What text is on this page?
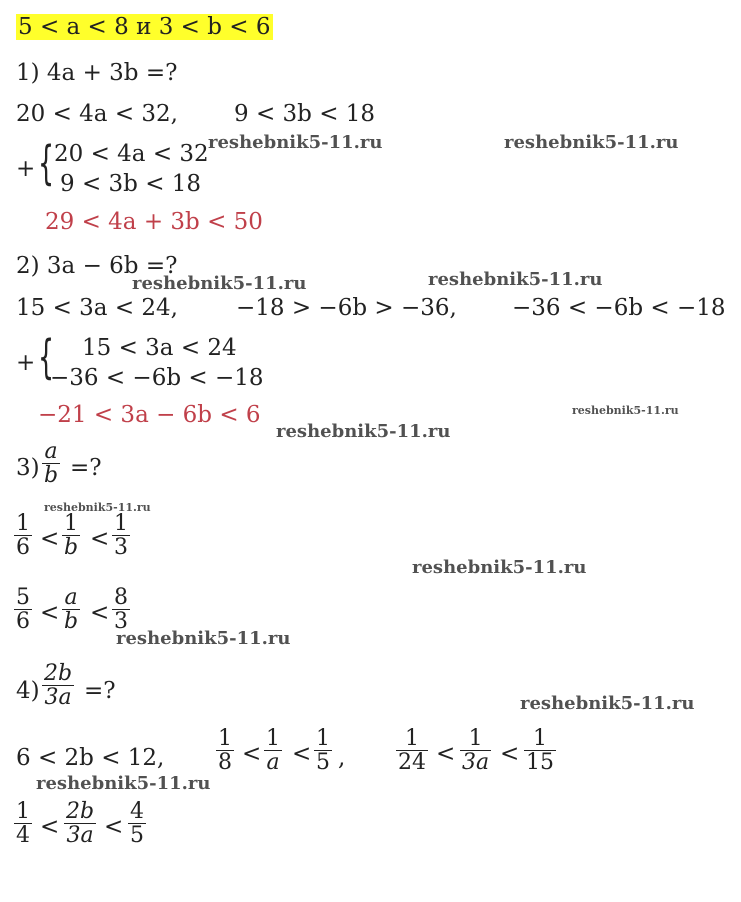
5 < a < 8 и 3 < b < 6
1) 4a + 3b =?
20 < 4a < 32, 9 < 3b < 18
+ { 20 < 4a < 32
9 < 3b < 18
29 < 4a + 3b < 50
2) 3a − 6b =?
15 < 3a < 24,	−18 > −6b > −36, −36 < −6b < −18
+ { 15 < 3a < 24
−36 < −6b < −18
−21 < 3a − 6b < 6
$3) \frac{a}{b}$ =?
$\frac{1}{6} < \frac{1}{b} < \frac{1}{3}$
$\frac{5}{6} < \frac{a}{b} < \frac{8}{3}$
$4) \frac{2b}{3a}$ =?
6 < 2b < 12, $\frac{1}{8} < \frac{1}{a} < \frac{1}{5}$ , $\frac{1}{24} < \frac{1}{3a} < \frac{1}{15}$
$\frac{1}{4} < \frac{2b}{3a} < \frac{4}{5}$
reshebnik5-11.ru	reshebnik5-11.ru
reshebnik5-11.ru	reshebnik5-11.ru
reshebnik5-11.ru
reshebnik5-11.ru
reshebnik5-11.ru
reshebnik5-11.ru
reshebnik5-11.ru
reshebnik5-11.ru
reshebnik5-11.ru
